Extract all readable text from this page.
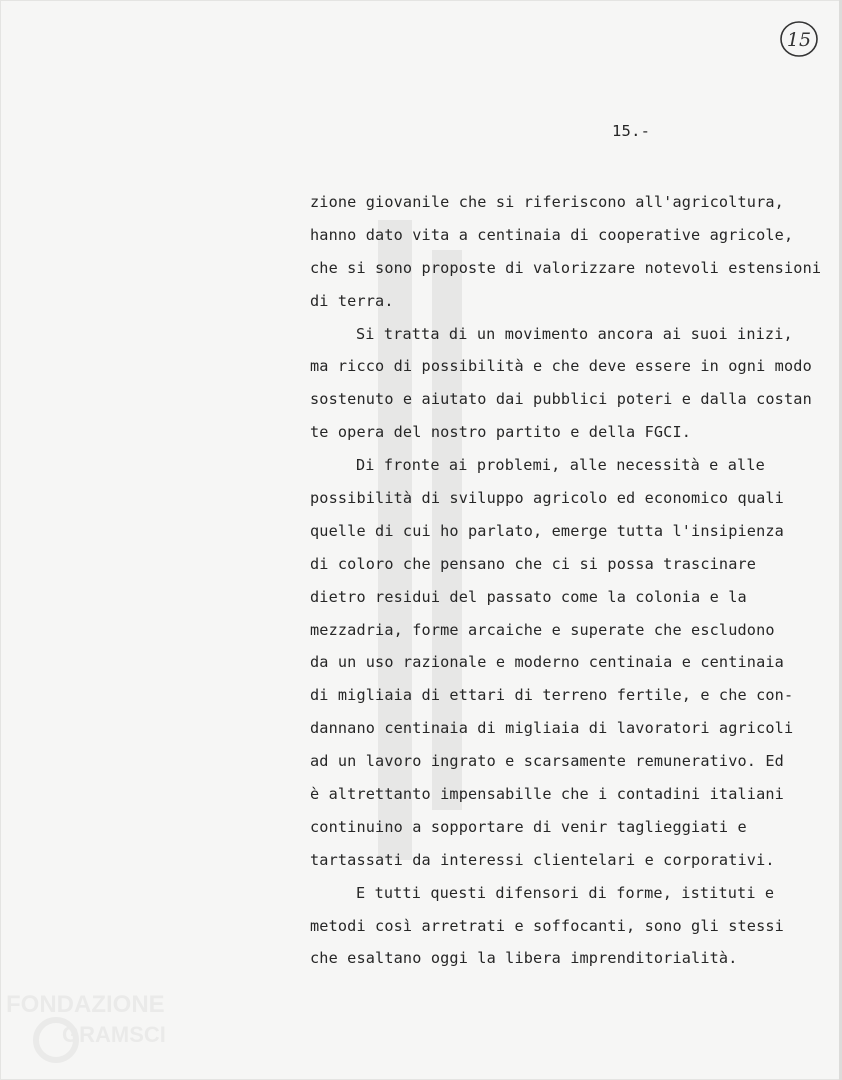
15
15.-
zione giovanile che si riferiscono all'agricoltura,
hanno dato vita a centinaia di cooperative agricole,
che si sono proposte di valorizzare notevoli estensioni
di terra.
Si tratta di un movimento ancora ai suoi inizi,
ma ricco di possibilità e che deve essere in ogni modo
sostenuto e aiutato dai pubblici poteri e dalla costan
te opera del nostro partito e della FGCI.
Di fronte ai problemi, alle necessità e alle
possibilità di sviluppo agricolo ed economico quali
quelle di cui ho parlato, emerge tutta l'insipienza
di coloro che pensano che ci si possa trascinare
dietro residui del passato come la colonia e la
mezzadria, forme arcaiche e superate che escludono
da un uso razionale e moderno centinaia e centinaia
di migliaia di ettari di terreno fertile, e che con-
dannano centinaia di migliaia di lavoratori agricoli
ad un lavoro ingrato e scarsamente remunerativo. Ed
è altrettanto impensabille che i contadini italiani
continuino a sopportare di venir taglieggiati e
tartassati da interessi clientelari e corporativi.
E tutti questi difensori di forme, istituti e
metodi così arretrati e soffocanti, sono gli stessi
che esaltano oggi la libera imprenditorialità.
FONDAZIONE
GRAMSCI
